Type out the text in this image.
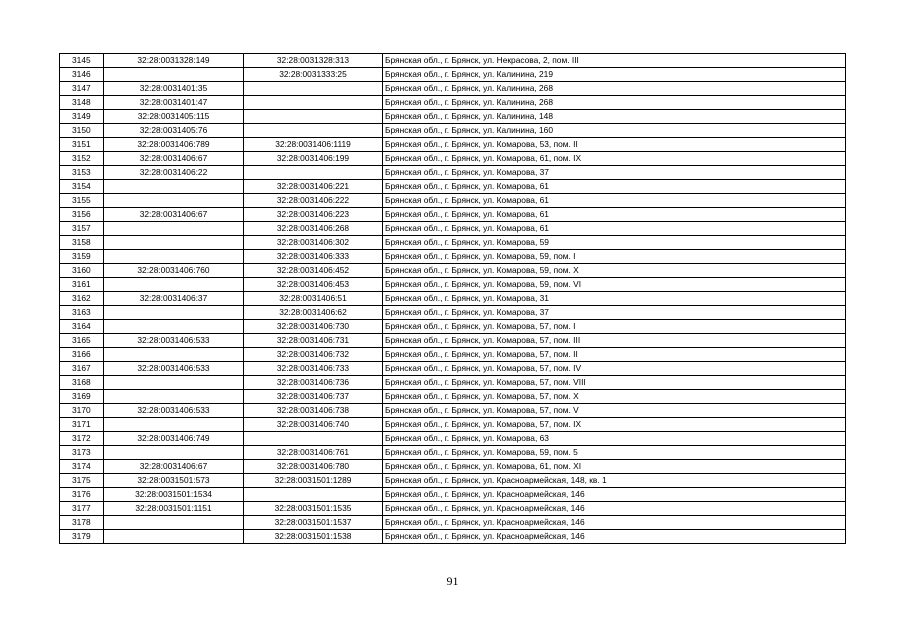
3145	32:28:0031328:149	32:28:0031328:313	Брянская обл., г. Брянск, ул. Некрасова, 2, пом. III
3146		32:28:0031333:25	Брянская обл., г. Брянск, ул. Калинина, 219
3147	32:28:0031401:35		Брянская обл., г. Брянск, ул. Калинина, 268
3148	32:28:0031401:47		Брянская обл., г. Брянск, ул. Калинина, 268
3149	32:28:0031405:115		Брянская обл., г. Брянск, ул. Калинина, 148
3150	32:28:0031405:76		Брянская обл., г. Брянск, ул. Калинина, 160
3151	32:28:0031406:789	32:28:0031406:1119	Брянская обл., г. Брянск, ул. Комарова, 53, пом. II
3152	32:28:0031406:67	32:28:0031406:199	Брянская обл., г. Брянск, ул. Комарова, 61, пом. IX
3153	32:28:0031406:22		Брянская обл., г. Брянск, ул. Комарова, 37
3154		32:28:0031406:221	Брянская обл., г. Брянск, ул. Комарова, 61
3155		32:28:0031406:222	Брянская обл., г. Брянск, ул. Комарова, 61
3156	32:28:0031406:67	32:28:0031406:223	Брянская обл., г. Брянск, ул. Комарова, 61
3157		32:28:0031406:268	Брянская обл., г. Брянск, ул. Комарова, 61
3158		32:28:0031406:302	Брянская обл., г. Брянск, ул. Комарова, 59
3159		32:28:0031406:333	Брянская обл., г. Брянск, ул. Комарова, 59, пом. I
3160	32:28:0031406:760	32:28:0031406:452	Брянская обл., г. Брянск, ул. Комарова, 59, пом. X
3161		32:28:0031406:453	Брянская обл., г. Брянск, ул. Комарова, 59, пом. VI
3162	32:28:0031406:37	32:28:0031406:51	Брянская обл., г. Брянск, ул. Комарова, 31
3163		32:28:0031406:62	Брянская обл., г. Брянск, ул. Комарова, 37
3164		32:28:0031406:730	Брянская обл., г. Брянск, ул. Комарова, 57, пом. I
3165	32:28:0031406:533	32:28:0031406:731	Брянская обл., г. Брянск, ул. Комарова, 57, пом. III
3166		32:28:0031406:732	Брянская обл., г. Брянск, ул. Комарова, 57, пом. II
3167	32:28:0031406:533	32:28:0031406:733	Брянская обл., г. Брянск, ул. Комарова, 57, пом. IV
3168		32:28:0031406:736	Брянская обл., г. Брянск, ул. Комарова, 57, пом. VIII
3169		32:28:0031406:737	Брянская обл., г. Брянск, ул. Комарова, 57, пом. X
3170	32:28:0031406:533	32:28:0031406:738	Брянская обл., г. Брянск, ул. Комарова, 57, пом. V
3171		32:28:0031406:740	Брянская обл., г. Брянск, ул. Комарова, 57, пом. IX
3172	32:28:0031406:749		Брянская обл., г. Брянск, ул. Комарова, 63
3173		32:28:0031406:761	Брянская обл., г. Брянск, ул. Комарова, 59, пом. 5
3174	32:28:0031406:67	32:28:0031406:780	Брянская обл., г. Брянск, ул. Комарова, 61, пом. XI
3175	32:28:0031501:573	32:28:0031501:1289	Брянская обл., г. Брянск, ул. Красноармейская, 148, кв. 1
3176	32:28:0031501:1534		Брянская обл., г. Брянск, ул. Красноармейская, 146
3177	32:28:0031501:1151	32:28:0031501:1535	Брянская обл., г. Брянск, ул. Красноармейская, 146
3178		32:28:0031501:1537	Брянская обл., г. Брянск, ул. Красноармейская, 146
3179		32:28:0031501:1538	Брянская обл., г. Брянск, ул. Красноармейская, 146
91
